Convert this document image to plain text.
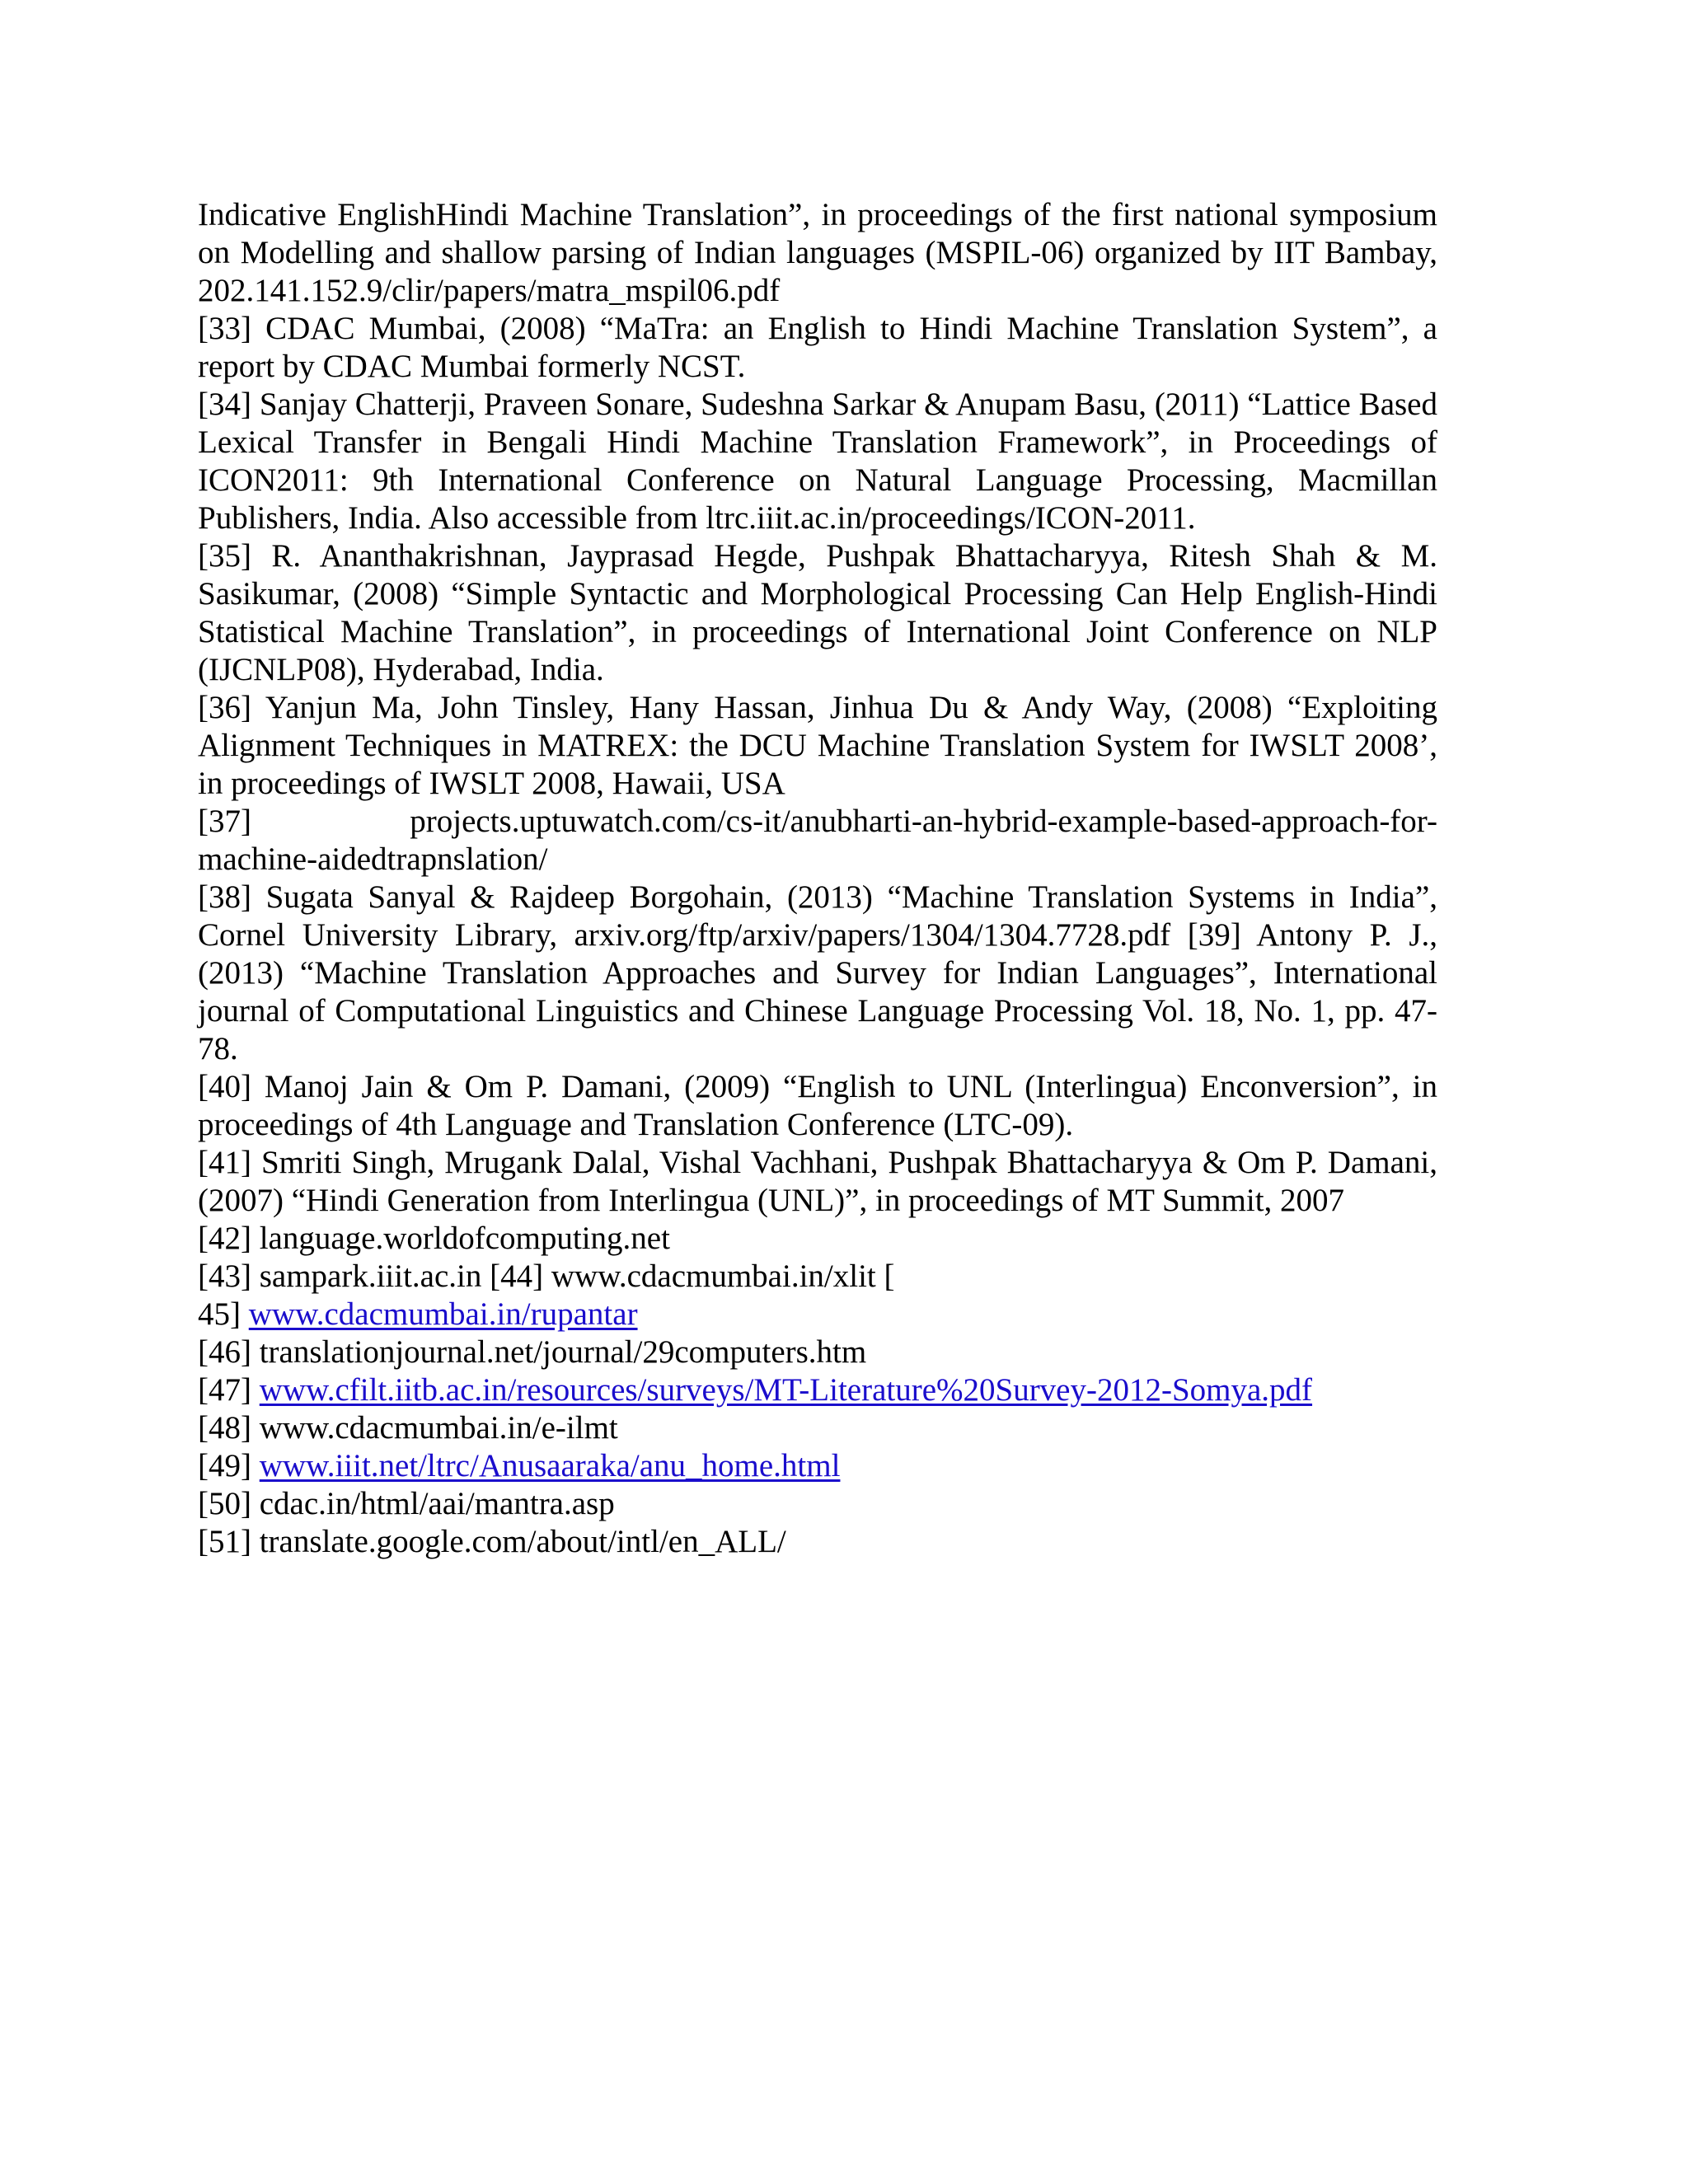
Indicative EnglishHindi Machine Translation”, in proceedings of the first national symposium on Modelling and shallow parsing of Indian languages (MSPIL-06) organized by IIT Bambay, 202.141.152.9/clir/papers/matra_mspil06.pdf

[33] CDAC Mumbai, (2008) “MaTra: an English to Hindi Machine Translation System”, a report by CDAC Mumbai formerly NCST.

[34] Sanjay Chatterji, Praveen Sonare, Sudeshna Sarkar & Anupam Basu, (2011) “Lattice Based Lexical Transfer in Bengali Hindi Machine Translation Framework”, in Proceedings of ICON2011: 9th International Conference on Natural Language Processing, Macmillan Publishers, India. Also accessible from ltrc.iiit.ac.in/proceedings/ICON-2011.

[35] R. Ananthakrishnan, Jayprasad Hegde, Pushpak Bhattacharyya, Ritesh Shah & M. Sasikumar, (2008) “Simple Syntactic and Morphological Processing Can Help English-Hindi Statistical Machine Translation”, in proceedings of International Joint Conference on NLP (IJCNLP08), Hyderabad, India.

[36] Yanjun Ma, John Tinsley, Hany Hassan, Jinhua Du & Andy Way, (2008) “Exploiting Alignment Techniques in MATREX: the DCU Machine Translation System for IWSLT 2008’, in proceedings of IWSLT 2008, Hawaii, USA

[37]	projects.uptuwatch.com/cs-it/anubharti-an-hybrid-example-based-approach-for-

machine-aidedtrapnslation/

[38] Sugata Sanyal & Rajdeep Borgohain, (2013) “Machine Translation Systems in India”, Cornel University Library, arxiv.org/ftp/arxiv/papers/1304/1304.7728.pdf [39] Antony P. J., (2013) “Machine Translation Approaches and Survey for Indian Languages”, International journal of Computational Linguistics and Chinese Language Processing Vol. 18, No. 1, pp. 47-78.

[40] Manoj Jain & Om P. Damani, (2009) “English to UNL (Interlingua) Enconversion”, in proceedings of 4th Language and Translation Conference (LTC-09).

[41] Smriti Singh, Mrugank Dalal, Vishal Vachhani, Pushpak Bhattacharyya & Om P. Damani, (2007) “Hindi Generation from Interlingua (UNL)”, in proceedings of MT Summit, 2007

[42] language.worldofcomputing.net

[43] sampark.iiit.ac.in [44] www.cdacmumbai.in/xlit [

45] www.cdacmumbai.in/rupantar

[46] translationjournal.net/journal/29computers.htm

[47] www.cfilt.iitb.ac.in/resources/surveys/MT-Literature%20Survey-2012-Somya.pdf

[48] www.cdacmumbai.in/e-ilmt

[49] www.iiit.net/ltrc/Anusaaraka/anu_home.html

[50] cdac.in/html/aai/mantra.asp

[51] translate.google.com/about/intl/en_ALL/
